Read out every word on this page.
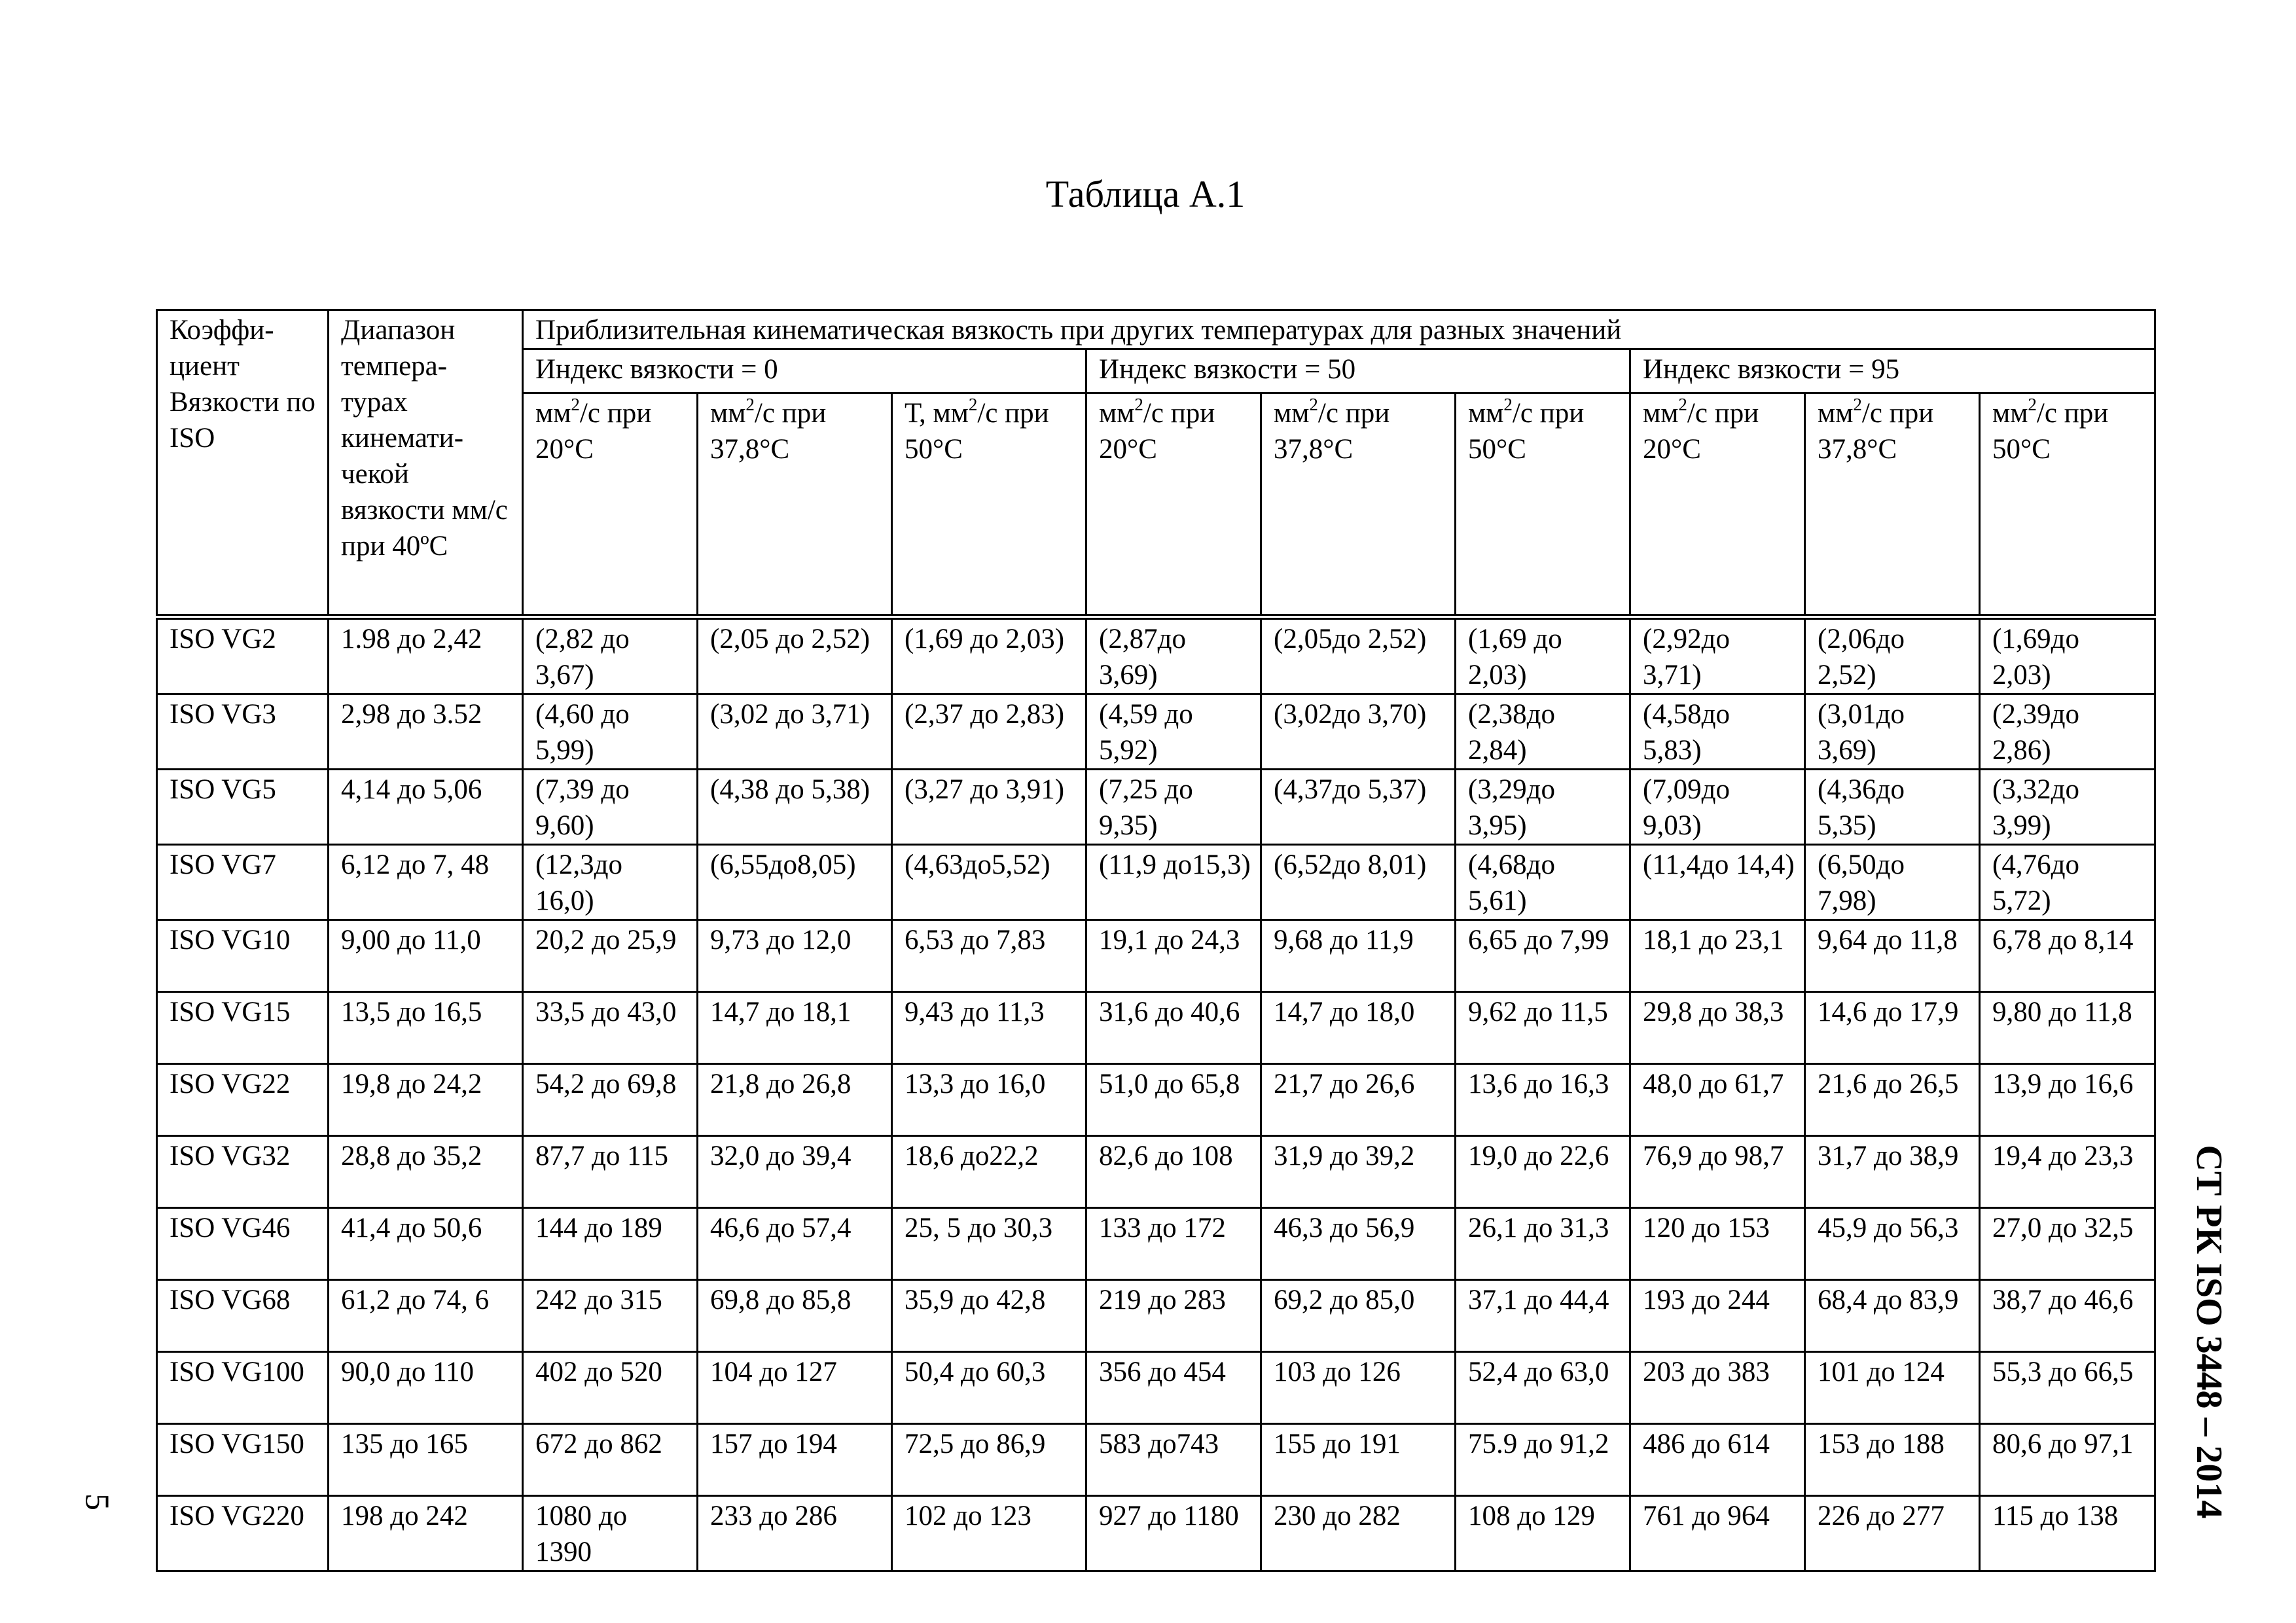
Таблица А.1
Коэффи-циент Вязкости по ISO	Диапазон темпера-турах кинемати-чекой вязкости мм/с при 40ºС	Приблизительная кинематическая вязкость при других температурах для разных значений								
		Индекс вязкости = 0			Индекс вязкости = 50			Индекс вязкости = 95		
		$мм^2/с$ при 20°С	$мм^2/с$ при 37,8°С	Т, $мм^2/с$ при 50°С	$мм^2/с$ при 20°С	$мм^2/с$ при 37,8°С	$мм^2/с$ при 50°С	$мм^2/с$ при 20°С	$мм^2/с$ при 37,8°С	$мм^2/с$ при 50°С
ISO VG2	1.98 до 2,42	(2,82 до 3,67)	(2,05 до 2,52)	(1,69 до 2,03)	(2,87до 3,69)	(2,05до 2,52)	(1,69 до 2,03)	(2,92до 3,71)	(2,06до 2,52)	(1,69до 2,03)
ISO VG3	2,98 до 3.52	(4,60 до 5,99)	(3,02 до 3,71)	(2,37 до 2,83)	(4,59 до 5,92)	(3,02до 3,70)	(2,38до 2,84)	(4,58до 5,83)	(3,01до 3,69)	(2,39до 2,86)
ISO VG5	4,14 до 5,06	(7,39 до 9,60)	(4,38 до 5,38)	(3,27 до 3,91)	(7,25 до 9,35)	(4,37до 5,37)	(3,29до 3,95)	(7,09до 9,03)	(4,36до 5,35)	(3,32до 3,99)
ISO VG7	6,12 до 7, 48	(12,3до 16,0)	(6,55до8,05)	(4,63до5,52)	(11,9 до15,3)	(6,52до 8,01)	(4,68до 5,61)	(11,4до 14,4)	(6,50до 7,98)	(4,76до 5,72)
ISO VG10	9,00 до 11,0	20,2 до 25,9	9,73 до 12,0	6,53 до 7,83	19,1 до 24,3	9,68 до 11,9	6,65 до 7,99	18,1 до 23,1	9,64 до 11,8	6,78 до 8,14
ISO VG15	13,5 до 16,5	33,5 до 43,0	14,7 до 18,1	9,43 до 11,3	31,6 до 40,6	14,7 до 18,0	9,62 до 11,5	29,8 до 38,3	14,6 до 17,9	9,80 до 11,8
ISO VG22	19,8 до 24,2	54,2 до 69,8	21,8 до 26,8	13,3 до 16,0	51,0 до 65,8	21,7 до 26,6	13,6 до 16,3	48,0 до 61,7	21,6 до 26,5	13,9 до 16,6
ISO VG32	28,8 до 35,2	87,7 до 115	32,0 до 39,4	18,6 до22,2	82,6 до 108	31,9 до 39,2	19,0 до 22,6	76,9 до 98,7	31,7 до 38,9	19,4 до 23,3
ISO VG46	41,4 до 50,6	144 до 189	46,6 до 57,4	25, 5 до 30,3	133 до 172	46,3 до 56,9	26,1 до 31,3	120 до 153	45,9 до 56,3	27,0 до 32,5
ISO VG68	61,2 до 74, 6	242 до 315	69,8 до 85,8	35,9 до 42,8	219 до 283	69,2 до 85,0	37,1 до 44,4	193 до 244	68,4 до 83,9	38,7 до 46,6
ISO VG100	90,0 до 110	402 до 520	104 до 127	50,4 до 60,3	356 до 454	103 до 126	52,4 до 63,0	203 до 383	101 до 124	55,3 до 66,5
ISO VG150	135 до 165	672 до 862	157 до 194	72,5 до 86,9	583 до743	155 до 191	75.9 до 91,2	486 до 614	153 до 188	80,6 до 97,1
ISO VG220	198 до 242	1080 до 1390	233 до 286	102 до 123	927 до 1180	230 до 282	108 до 129	761 до 964	226 до 277	115 до 138 СТ РК ISO 3448 – 2014
5
